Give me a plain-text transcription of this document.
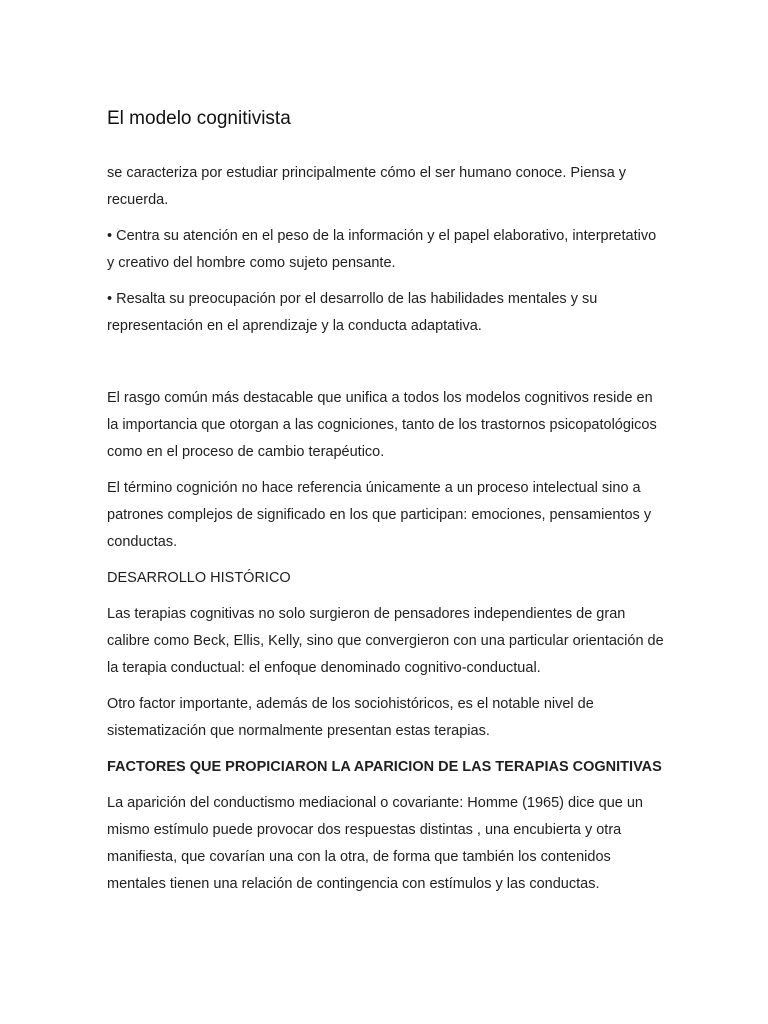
El modelo cognitivista

se caracteriza por estudiar principalmente cómo el ser humano conoce. Piensa y recuerda.

• Centra su atención en el peso de la información y el papel elaborativo, interpretativo y creativo del hombre como sujeto pensante.

• Resalta su preocupación por el desarrollo de las habilidades mentales y su representación en el aprendizaje y la conducta adaptativa.

El rasgo común más destacable que unifica a todos los modelos cognitivos reside en la importancia que otorgan a las cogniciones, tanto de los trastornos psicopatológicos como en el proceso de cambio terapéutico.

El término cognición no hace referencia únicamente a un proceso intelectual sino a patrones complejos de significado en los que participan: emociones, pensamientos y conductas.

DESARROLLO HISTÓRICO

Las terapias cognitivas no solo surgieron de pensadores independientes de gran calibre como Beck, Ellis, Kelly, sino que convergieron con una particular orientación de la terapia conductual: el enfoque denominado cognitivo-conductual.

Otro factor importante, además de los sociohistóricos, es el notable nivel de sistematización que normalmente presentan estas terapias.

FACTORES QUE PROPICIARON LA APARICION DE LAS TERAPIAS COGNITIVAS

La aparición del conductismo mediacional o covariante: Homme (1965) dice que un mismo estímulo puede provocar dos respuestas distintas , una encubierta y otra manifiesta, que covarían una con la otra, de forma que también los contenidos mentales tienen una relación de contingencia con estímulos y las conductas.
